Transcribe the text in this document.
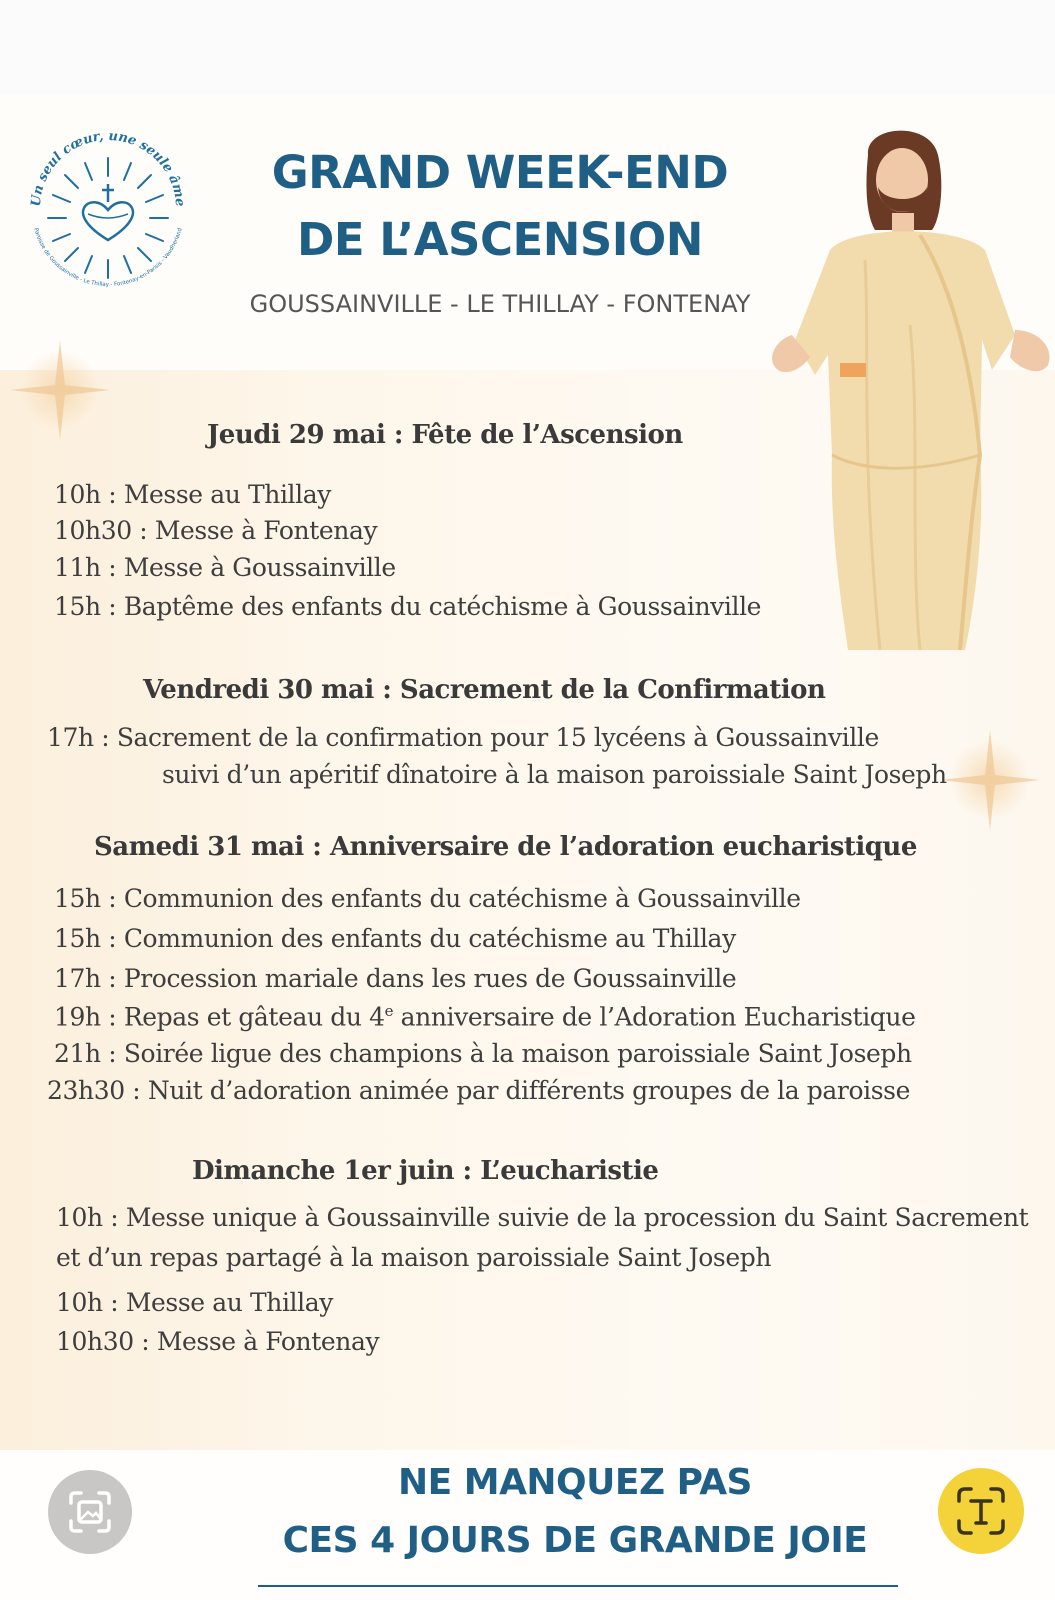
Un seul cœur, une seule âme
Paroisse de Goussainville - Le Thillay - Fontenay-en-Parisis - Vaudherland
GRAND WEEK-END
DE L’ASCENSION
GOUSSAINVILLE - LE THILLAY - FONTENAY
Jeudi 29 mai : Fête de l’Ascension
10h : Messe au Thillay
10h30 : Messe à Fontenay
11h : Messe à Goussainville
15h : Baptême des enfants du catéchisme à Goussainville
Vendredi 30 mai : Sacrement de la Confirmation
17h : Sacrement de la confirmation pour 15 lycéens à Goussainville
suivi d’un apéritif dînatoire à la maison paroissiale Saint Joseph
Samedi 31 mai : Anniversaire de l’adoration eucharistique
15h : Communion des enfants du catéchisme à Goussainville
15h : Communion des enfants du catéchisme au Thillay
17h : Procession mariale dans les rues de Goussainville
19h : Repas et gâteau du 4e anniversaire de l’Adoration Eucharistique
21h : Soirée ligue des champions à la maison paroissiale Saint Joseph
23h30 : Nuit d’adoration animée par différents groupes de la paroisse
Dimanche 1er juin : L’eucharistie
10h : Messe unique à Goussainville suivie de la procession du Saint Sacrement
et d’un repas partagé à la maison paroissiale Saint Joseph
10h : Messe au Thillay
10h30 : Messe à Fontenay
NE MANQUEZ PAS
CES 4 JOURS DE GRANDE JOIE
